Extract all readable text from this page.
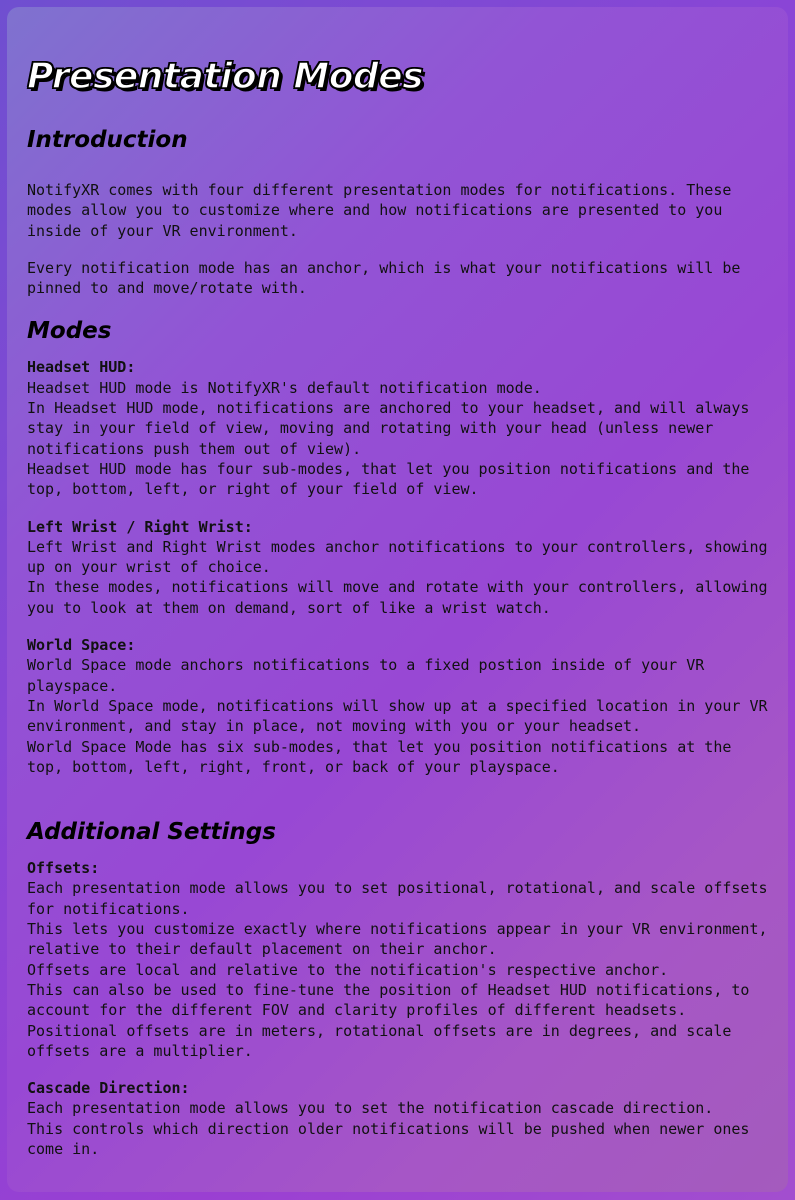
Presentation Modes
Introduction

NotifyXR comes with four different presentation modes for notifications. These modes allow you to customize where and how notifications are presented to you inside of your VR environment.

Every notification mode has an anchor, which is what your notifications will be pinned to and move/rotate with.

Modes

Headset HUD:

Headset HUD mode is NotifyXR's default notification mode.
In Headset HUD mode, notifications are anchored to your headset, and will always stay in your field of view, moving and rotating with your head (unless newer notifications push them out of view).
Headset HUD mode has four sub-modes, that let you position notifications and the top, bottom, left, or right of your field of view.

Left Wrist / Right Wrist:

Left Wrist and Right Wrist modes anchor notifications to your controllers, showing up on your wrist of choice.
In these modes, notifications will move and rotate with your controllers, allowing you to look at them on demand, sort of like a wrist watch.

World Space:

World Space mode anchors notifications to a fixed postion inside of your VR playspace.
In World Space mode, notifications will show up at a specified location in your VR environment, and stay in place, not moving with you or your headset.
World Space Mode has six sub-modes, that let you position notifications at the top, bottom, left, right, front, or back of your playspace.

Additional Settings

Offsets:

Each presentation mode allows you to set positional, rotational, and scale offsets for notifications.
This lets you customize exactly where notifications appear in your VR environment, relative to their default placement on their anchor.
Offsets are local and relative to the notification's respective anchor.
This can also be used to fine-tune the position of Headset HUD notifications, to account for the different FOV and clarity profiles of different headsets.
Positional offsets are in meters, rotational offsets are in degrees, and scale offsets are a multiplier.

Cascade Direction:

Each presentation mode allows you to set the notification cascade direction.
This controls which direction older notifications will be pushed when newer ones come in.
